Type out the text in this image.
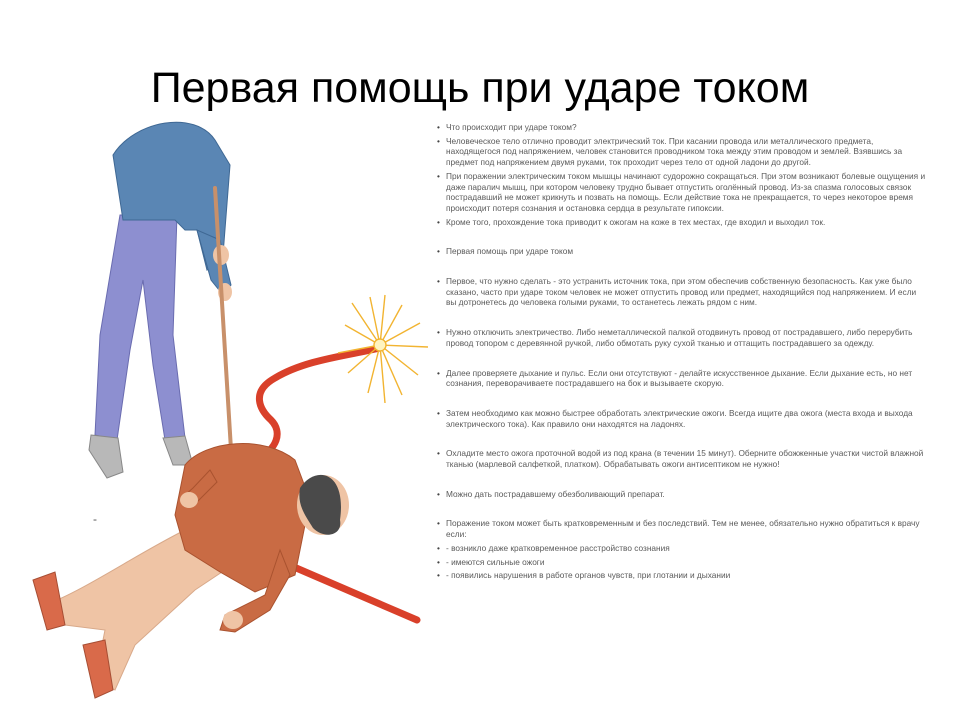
Первая помощь при ударе током
-
• Что происходит при ударе током?
• Человеческое тело отлично проводит электрический ток. При касании провода или металлического предмета, находящегося под напряжением, человек становится проводником тока между этим проводом и землей. Взявшись за предмет под напряжением двумя руками, ток проходит через тело от одной ладони до другой.
• При поражении электрическим током мышцы начинают судорожно сокращаться. При этом возникают болевые ощущения и даже паралич мышц, при котором человеку трудно бывает отпустить оголённый провод. Из-за спазма голосовых связок пострадавший не может крикнуть и позвать на помощь. Если действие тока не прекращается, то через некоторое время происходит потеря сознания и остановка сердца в результате гипоксии.
• Кроме того, прохождение тока приводит к ожогам на коже в тех местах, где входил и выходил ток.
• Первая помощь при ударе током
• Первое, что нужно сделать - это устранить источник тока, при этом обеспечив собственную безопасность. Как уже было сказано, часто при ударе током человек не может отпустить провод или предмет, находящийся под напряжением. И если вы дотронетесь до человека голыми руками, то останетесь лежать рядом с ним.
• Нужно отключить электричество. Либо неметаллической палкой отодвинуть провод от пострадавшего, либо перерубить провод топором с деревянной ручкой, либо обмотать руку сухой тканью и оттащить пострадавшего за одежду.
• Далее проверяете дыхание и пульс. Если они отсутствуют - делайте искусственное дыхание. Если дыхание есть, но нет сознания, переворачиваете пострадавшего на бок и вызываете скорую.
• Затем необходимо как можно быстрее обработать электрические ожоги. Всегда ищите два ожога (места входа и выхода электрического тока). Как правило они находятся на ладонях.
• Охладите место ожога проточной водой из под крана (в течении 15 минут). Оберните обожженные участки чистой влажной тканью (марлевой салфеткой, платком). Обрабатывать ожоги антисептиком не нужно!
• Можно дать пострадавшему обезболивающий препарат.
• Поражение током может быть кратковременным и без последствий. Тем не менее, обязательно нужно обратиться к врачу если:
• - возникло даже кратковременное расстройство сознания
• - имеются сильные ожоги
• - появились нарушения в работе органов чувств, при глотании и дыхании
